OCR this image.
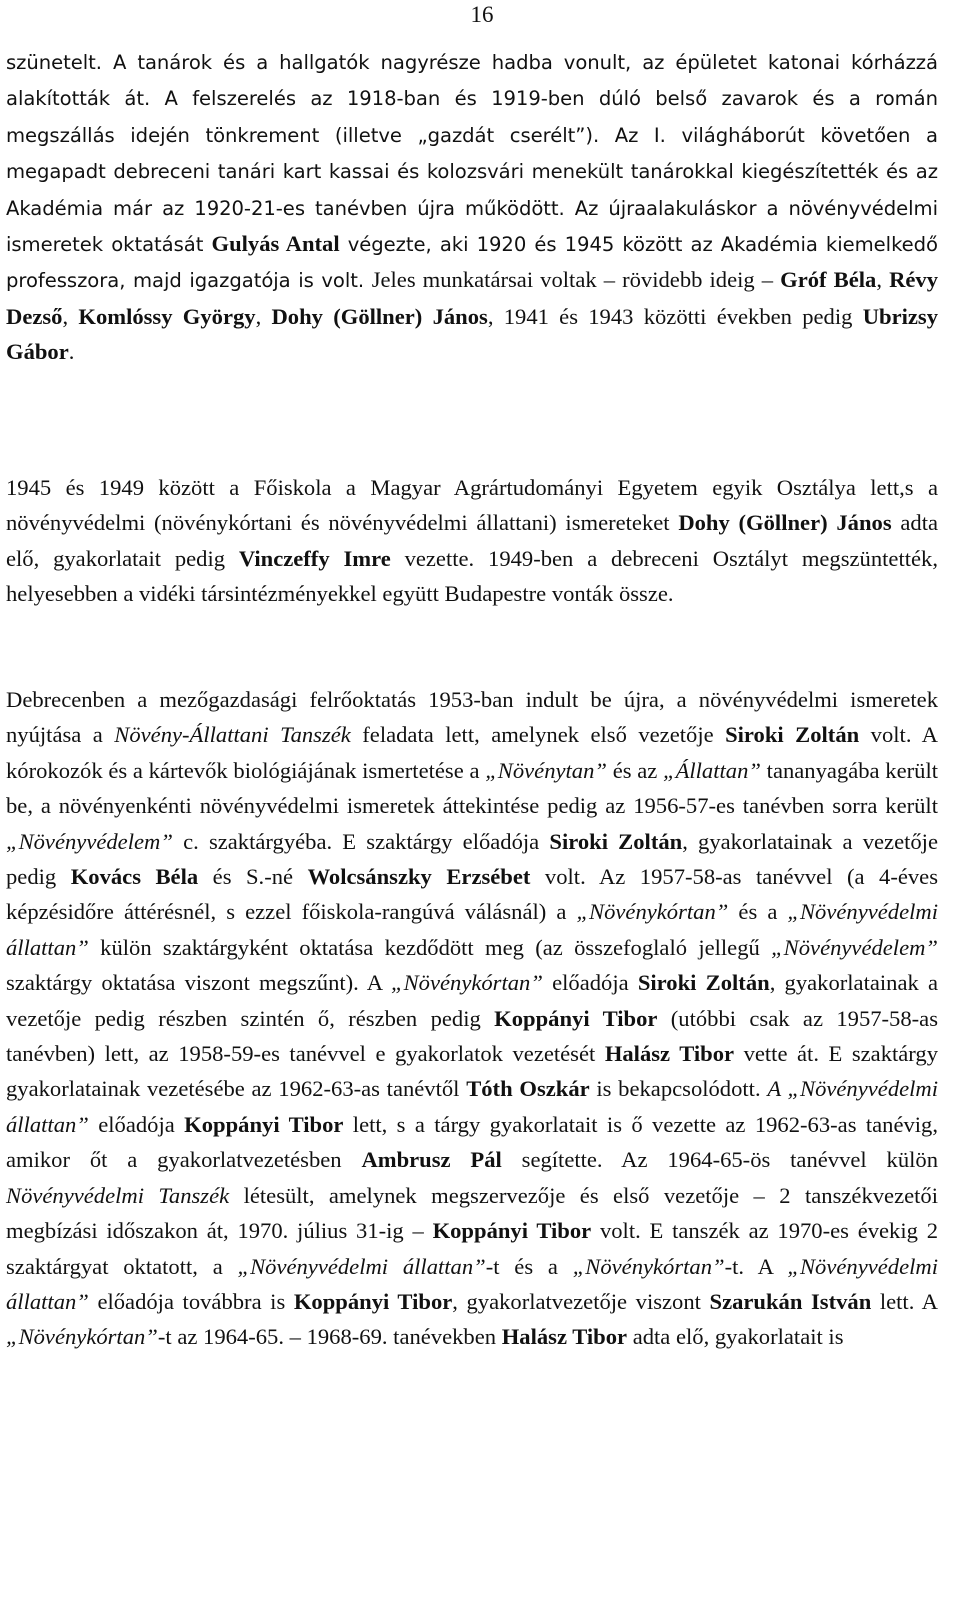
16

szünetelt. A tanárok és a hallgatók nagyrésze hadba vonult, az épületet katonai kórházzá alakították át. A felszerelés az 1918-ban és 1919-ben dúló belső zavarok és a román megszállás idején tönkrement (illetve „gazdát cserélt”). Az I. világháborút követően a megapadt debreceni tanári kart kassai és kolozsvári menekült tanárokkal kiegészítették és az Akadémia már az 1920-21-es tanévben újra működött. Az újraalakuláskor a növényvédelmi ismeretek oktatását Gulyás Antal végezte, aki 1920 és 1945 között az Akadémia kiemelkedő professzora, majd igazgatója is volt. Jeles munkatársai voltak – rövidebb ideig – Gróf Béla, Révy Dezső, Komlóssy György, Dohy (Göllner) János, 1941 és 1943 közötti években pedig Ubrizsy Gábor.

1945 és 1949 között a Főiskola a Magyar Agrártudományi Egyetem egyik Osztálya lett,s a növényvédelmi (növénykórtani és növényvédelmi állattani) ismereteket Dohy (Göllner) János adta elő, gyakorlatait pedig Vinczeffy Imre vezette. 1949-ben a debreceni Osztályt megszüntették, helyesebben a vidéki társintézményekkel együtt Budapestre vonták össze.

Debrecenben a mezőgazdasági felrőoktatás 1953-ban indult be újra, a növényvédelmi ismeretek nyújtása a Növény-Állattani Tanszék feladata lett, amelynek első vezetője Siroki Zoltán volt. A kórokozók és a kártevők biológiájának ismertetése a „Növénytan” és az „Állattan” tananyagába került be, a növényenkénti növényvédelmi ismeretek áttekintése pedig az 1956-57-es tanévben sorra került „Növényvédelem” c. szaktárgyéba. E szaktárgy előadója Siroki Zoltán, gyakorlatainak a vezetője pedig Kovács Béla és S.-né Wolcsánszky Erzsébet volt. Az 1957-58-as tanévvel (a 4-éves képzésidőre áttérésnél, s ezzel főiskola-rangúvá válásnál) a „Növénykórtan” és a „Növényvédelmi állattan” külön szaktárgyként oktatása kezdődött meg (az összefoglaló jellegű „Növényvédelem” szaktárgy oktatása viszont megszűnt). A „Növénykórtan” előadója Siroki Zoltán, gyakorlatainak a vezetője pedig részben szintén ő, részben pedig Koppányi Tibor (utóbbi csak az 1957-58-as tanévben) lett, az 1958-59-es tanévvel e gyakorlatok vezetését Halász Tibor vette át. E szaktárgy gyakorlatainak vezetésébe az 1962-63-as tanévtől Tóth Oszkár is bekapcsolódott. A „Növényvédelmi állattan” előadója Koppányi Tibor lett, s a tárgy gyakorlatait is ő vezette az 1962-63-as tanévig, amikor őt a gyakorlatvezetésben Ambrusz Pál segítette. Az 1964-65-ös tanévvel külön Növényvédelmi Tanszék létesült, amelynek megszervezője és első vezetője – 2 tanszékvezetői megbízási időszakon át, 1970. július 31-ig – Koppányi Tibor volt. E tanszék az 1970-es évekig 2 szaktárgyat oktatott, a „Növényvédelmi állattan”-t és a „Növénykórtan”-t. A „Növényvédelmi állattan” előadója továbbra is Koppányi Tibor, gyakorlatvezetője viszont Szarukán István lett. A „Növénykórtan”-t az 1964-65. – 1968-69. tanévekben Halász Tibor adta elő, gyakorlatait is
